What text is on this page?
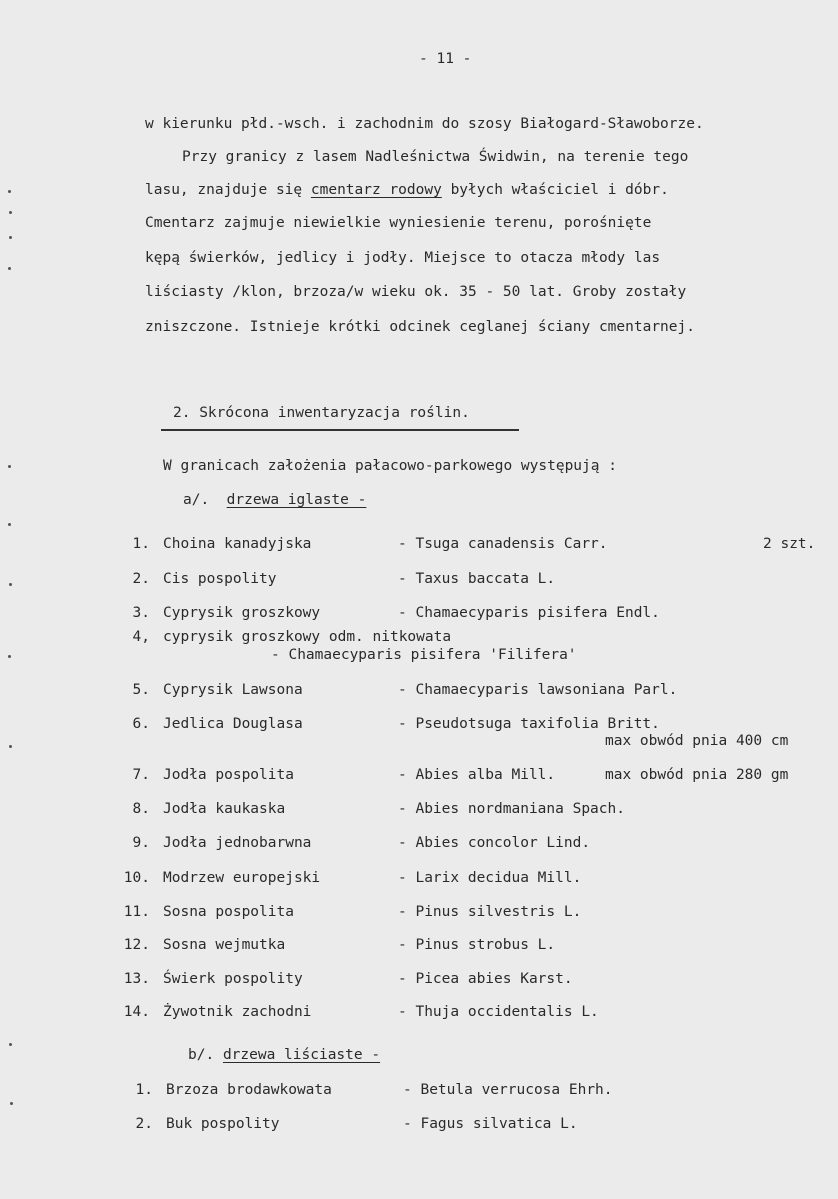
- 11 -
w kierunku płd.-wsch. i zachodnim do szosy Białogard-Sławoborze.
Przy granicy z lasem Nadleśnictwa Świdwin, na terenie tego
lasu, znajduje się cmentarz rodowy byłych właściciel i dóbr.
Cmentarz zajmuje niewielkie wyniesienie terenu, porośnięte
kępą świerków, jedlicy i jodły. Miejsce to otacza młody las
liściasty /klon, brzoza/w wieku ok. 35 - 50 lat. Groby zostały
zniszczone. Istnieje krótki odcinek ceglanej ściany cmentarnej.
2. Skrócona inwentaryzacja roślin.
W granicach założenia pałacowo-parkowego występują :
a/. drzewa iglaste -
1. Choina kanadyjska	- Tsuga canadensis Carr.	2 szt.
2. Cis pospolity	- Taxus baccata L.
3. Cyprysik groszkowy	- Chamaecyparis pisifera Endl.
4, cyprysik groszkowy odm. nitkowata
- Chamaecyparis pisifera 'Filifera'
5. Cyprysik Lawsona	- Chamaecyparis lawsoniana Parl.
6. Jedlica Douglasa	- Pseudotsuga taxifolia Britt.
max obwód pnia 400 cm
7. Jodła pospolita	- Abies alba Mill.	max obwód pnia 280 gm
8. Jodła kaukaska	- Abies nordmaniana Spach.
9. Jodła jednobarwna	- Abies concolor Lind.
10. Modrzew europejski	- Larix decidua Mill.
11. Sosna pospolita	- Pinus silvestris L.
12. Sosna wejmutka	- Pinus strobus L.
13. Świerk pospolity	- Picea abies Karst.
14. Żywotnik zachodni	- Thuja occidentalis L.
b/. drzewa liściaste -
1. Brzoza brodawkowata	- Betula verrucosa Ehrh.
2. Buk pospolity	- Fagus silvatica L.
